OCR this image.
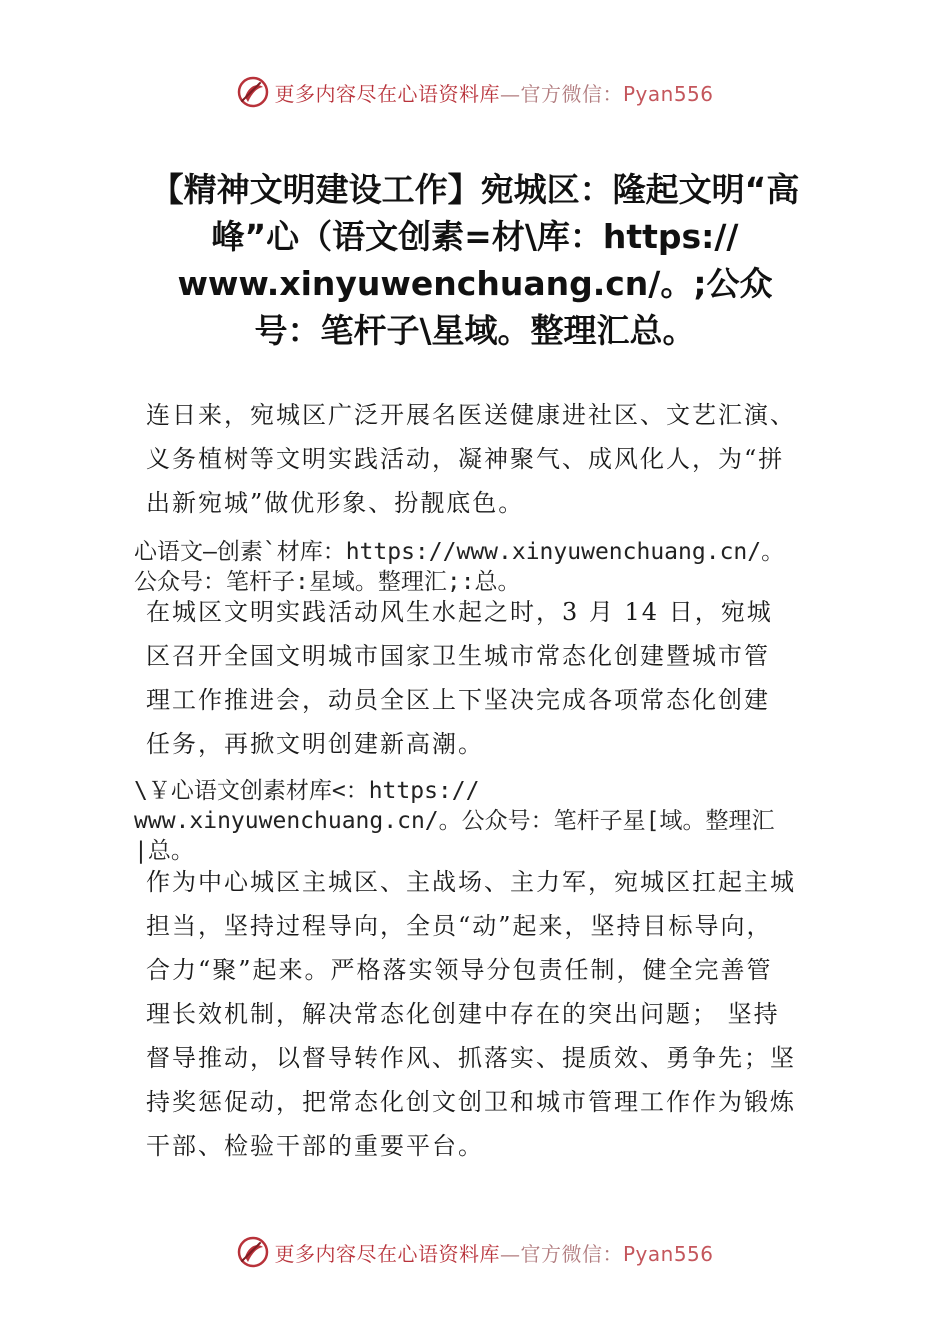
更多内容尽在心语资料库—官方微信：Pyan556
【精神文明建设工作】宛城区：隆起文明“高
峰”心（语文创素=材\库：https://
www.xinyuwenchuang.cn/。;公众
号：笔杆子\星域。整理汇总。
连日来，宛城区广泛开展名医送健康进社区、文艺汇演、
义务植树等文明实践活动，凝神聚气、成风化人，为“拼
出新宛城”做优形象、扮靓底色。
心语文—创素`材库：https://www.xinyuwenchuang.cn/。
公众号：笔杆子:星域。整理汇;:总。
在城区文明实践活动风生水起之时，3 月 14 日，宛城
区召开全国文明城市国家卫生城市常态化创建暨城市管
理工作推进会，动员全区上下坚决完成各项常态化创建
任务，再掀文明创建新高潮。
\￥心语文创素材库<：https://
www.xinyuwenchuang.cn/。公众号：笔杆子星[域。整理汇
|总。
作为中心城区主城区、主战场、主力军，宛城区扛起主城
担当，坚持过程导向，全员“动”起来，坚持目标导向，
合力“聚”起来。严格落实领导分包责任制，健全完善管
理长效机制，解决常态化创建中存在的突出问题； 坚持
督导推动，以督导转作风、抓落实、提质效、勇争先；坚
持奖惩促动，把常态化创文创卫和城市管理工作作为锻炼
干部、检验干部的重要平台。
更多内容尽在心语资料库—官方微信：Pyan556
